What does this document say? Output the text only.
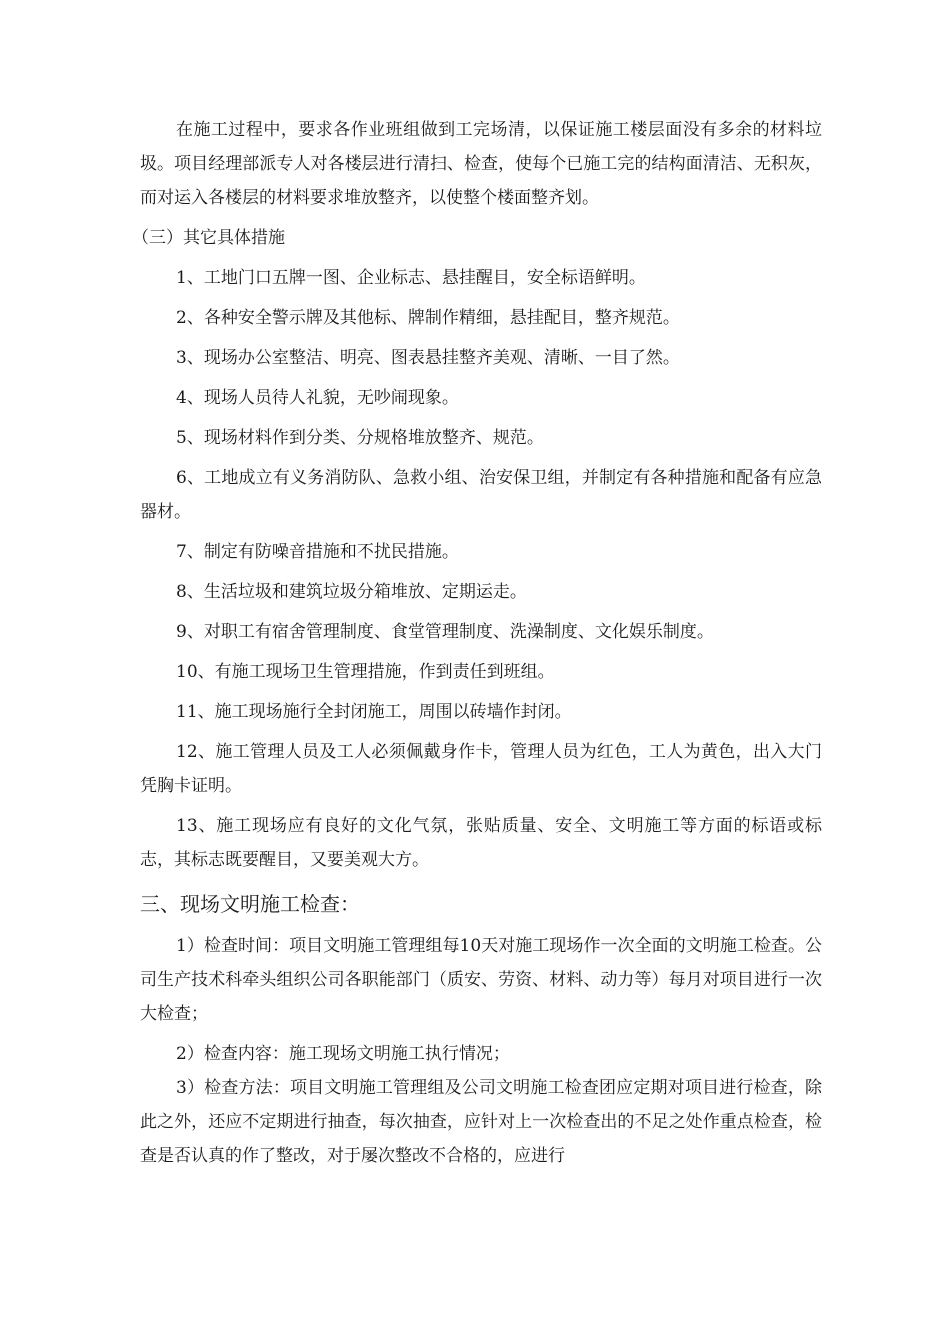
在施工过程中，要求各作业班组做到工完场清，以保证施工楼层面没有多余的材料垃圾。项目经理部派专人对各楼层进行清扫、检查，使每个已施工完的结构面清洁、无积灰，而对运入各楼层的材料要求堆放整齐，以使整个楼面整齐划。

（三）其它具体措施

1、工地门口五牌一图、企业标志、悬挂醒目，安全标语鲜明。

2、各种安全警示牌及其他标、牌制作精细，悬挂配目，整齐规范。

3、现场办公室整洁、明亮、图表悬挂整齐美观、清晰、一目了然。

4、现场人员待人礼貌，无吵闹现象。

5、现场材料作到分类、分规格堆放整齐、规范。

6、工地成立有义务消防队、急救小组、治安保卫组，并制定有各种措施和配备有应急器材。

7、制定有防噪音措施和不扰民措施。

8、生活垃圾和建筑垃圾分箱堆放、定期运走。

9、对职工有宿舍管理制度、食堂管理制度、洗澡制度、文化娱乐制度。

10、有施工现场卫生管理措施，作到责任到班组。

11、施工现场施行全封闭施工，周围以砖墙作封闭。

12、施工管理人员及工人必须佩戴身作卡，管理人员为红色，工人为黄色，出入大门凭胸卡证明。

13、施工现场应有良好的文化气氛，张贴质量、安全、文明施工等方面的标语或标志，其标志既要醒目，又要美观大方。

三、现场文明施工检查：

1）检查时间：项目文明施工管理组每10天对施工现场作一次全面的文明施工检查。公司生产技术科牵头组织公司各职能部门（质安、劳资、材料、动力等）每月对项目进行一次大检查；

2）检查内容：施工现场文明施工执行情况；

3）检查方法：项目文明施工管理组及公司文明施工检查团应定期对项目进行检查，除此之外，还应不定期进行抽查，每次抽查，应针对上一次检查出的不足之处作重点检查，检查是否认真的作了整改，对于屡次整改不合格的，应进行
